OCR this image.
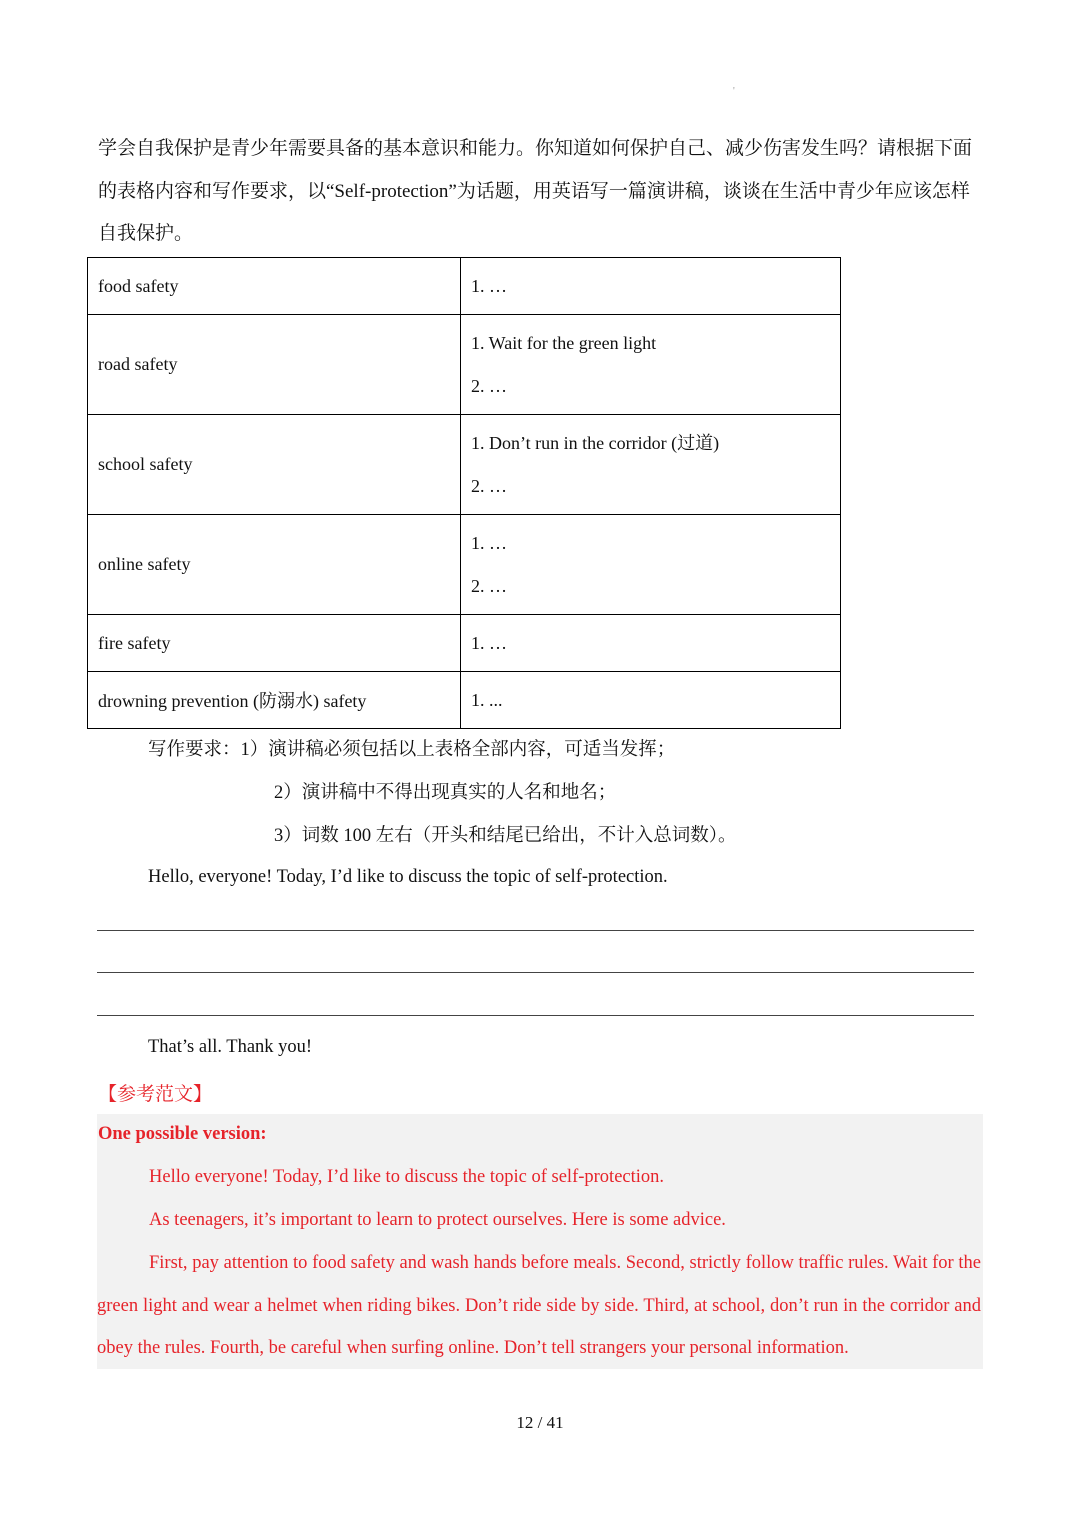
'
学会自我保护是青少年需要具备的基本意识和能力。你知道如何保护自己、减少伤害发生吗？请根据下面的表格内容和写作要求，以“Self-protection”为话题，用英语写一篇演讲稿，谈谈在生活中青少年应该怎样自我保护。
food safety	1. …

road safety	1. Wait for the green light
2. …

school safety	1. Don’t run in the corridor (过道)
2. …

online safety	1. …
2. …

fire safety	1. …

drowning prevention (防溺水) safety	1. ...
写作要求：1）演讲稿必须包括以上表格全部内容，可适当发挥；
2）演讲稿中不得出现真实的人名和地名；
3）词数 100 左右（开头和结尾已给出，不计入总词数）。
Hello, everyone! Today, I’d like to discuss the topic of self-protection.
That’s all. Thank you!
【参考范文】
One possible version:
Hello everyone! Today, I’d like to discuss the topic of self-protection.
As teenagers, it’s important to learn to protect ourselves. Here is some advice.
First, pay attention to food safety and wash hands before meals. Second, strictly follow traffic rules. Wait for the green light and wear a helmet when riding bikes. Don’t ride side by side. Third, at school, don’t run in the corridor and obey the rules. Fourth, be careful when surfing online. Don’t tell strangers your personal information.
12 / 41
